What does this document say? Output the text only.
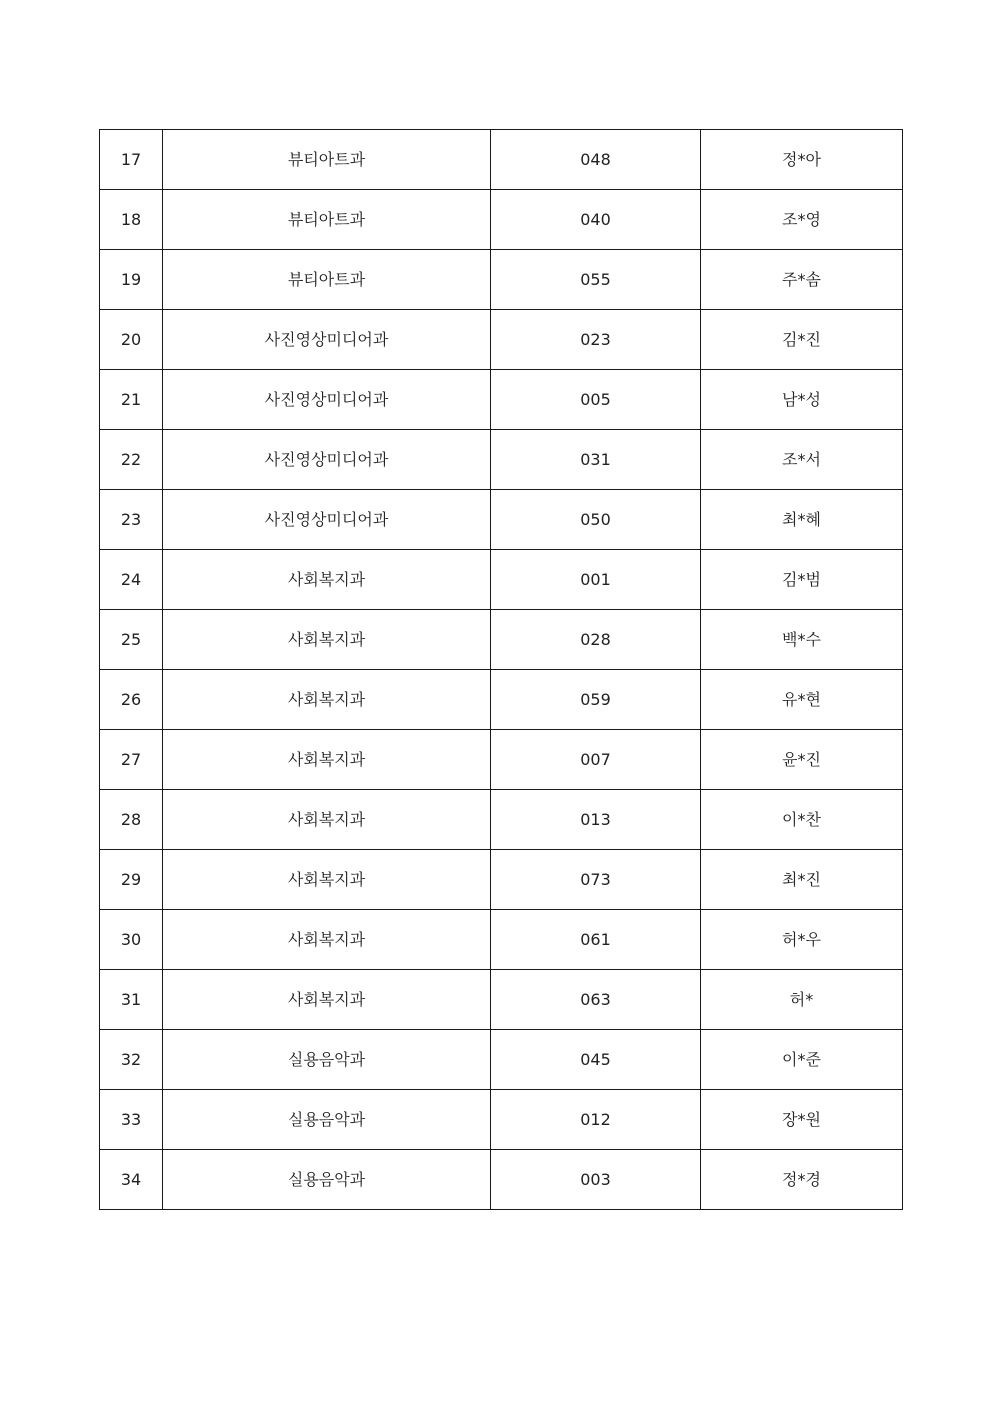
17	뷰티아트과	048	정*아
18	뷰티아트과	040	조*영
19	뷰티아트과	055	주*솜
20	사진영상미디어과	023	김*진
21	사진영상미디어과	005	남*성
22	사진영상미디어과	031	조*서
23	사진영상미디어과	050	최*혜
24	사회복지과	001	김*범
25	사회복지과	028	백*수
26	사회복지과	059	유*현
27	사회복지과	007	윤*진
28	사회복지과	013	이*찬
29	사회복지과	073	최*진
30	사회복지과	061	허*우
31	사회복지과	063	허*
32	실용음악과	045	이*준
33	실용음악과	012	장*원
34	실용음악과	003	정*경
